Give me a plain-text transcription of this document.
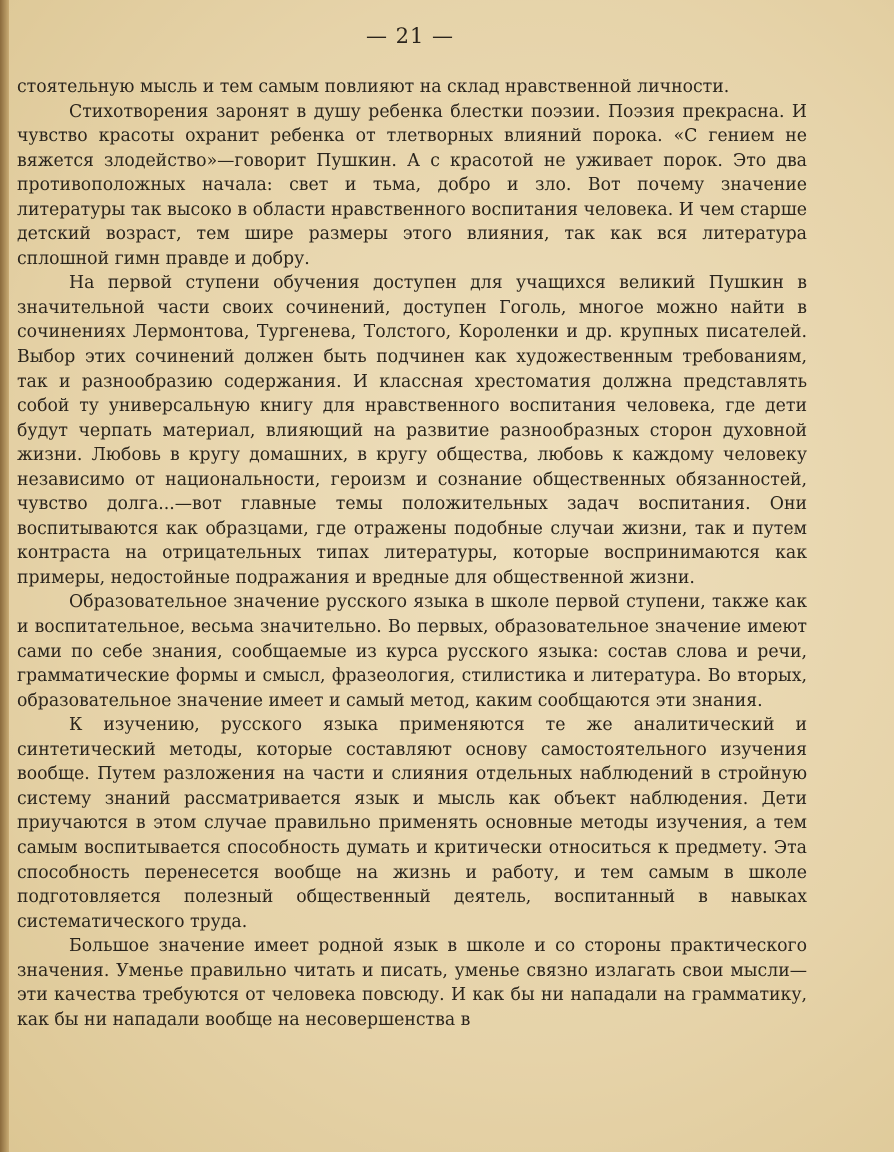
— 21 —

стоятельную мысль и тем самым повлияют на склад нравственной личности.

Стихотворения заронят в душу ребенка блестки поэзии. Поэзия прекрасна. И чувство красоты охранит ребенка от тлетворных влияний порока. «С гением не вяжется злодейство»—говорит Пушкин. А с красотой не уживает порок. Это два противоположных начала: свет и тьма, добро и зло. Вот почему значение литературы так высоко в области нравственного воспитания человека. И чем старше детский возраст, тем шире размеры этого влияния, так как вся литература сплошной гимн правде и добру.

На первой ступени обучения доступен для учащихся великий Пушкин в значительной части своих сочинений, доступен Гоголь, многое можно найти в сочинениях Лермонтова, Тургенева, Толстого, Короленки и др. крупных писателей. Выбор этих сочинений должен быть подчинен как художественным требованиям, так и разнообразию содержания. И классная хрестоматия должна представлять собой ту универсальную книгу для нравственного воспитания человека, где дети будут черпать материал, влияющий на развитие разнообразных сторон духовной жизни. Любовь в кругу домашних, в кругу общества, любовь к каждому человеку независимо от национальности, героизм и сознание общественных обязанностей, чувство долга...—вот главные темы положительных задач воспитания. Они воспитываются как образцами, где отражены подобные случаи жизни, так и путем контраста на отрицательных типах литературы, которые воспринимаются как примеры, недостойные подражания и вредные для общественной жизни.

Образовательное значение русского языка в школе первой ступени, также как и воспитательное, весьма значительно. Во первых, образовательное значение имеют сами по себе знания, сообщаемые из курса русского языка: состав слова и речи, грамматические формы и смысл, фразеология, стилистика и литература. Во вторых, образовательное значение имеет и самый метод, каким сообщаются эти знания.

К изучению, русского языка применяются те же аналитический и синтетический методы, которые составляют основу самостоятельного изучения вообще. Путем разложения на части и слияния отдельных наблюдений в стройную систему знаний рассматривается язык и мысль как объект наблюдения. Дети приучаются в этом случае правильно применять основные методы изучения, а тем самым воспитывается способность думать и критически относиться к предмету. Эта способность перенесется вообще на жизнь и работу, и тем самым в школе подготовляется полезный общественный деятель, воспитанный в навыках систематического труда.

Большое значение имеет родной язык в школе и со стороны практического значения. Уменье правильно читать и писать, уменье связно излагать свои мысли—эти качества требуются от человека повсюду. И как бы ни нападали на грамматику, как бы ни нападали вообще на несовершенства в
